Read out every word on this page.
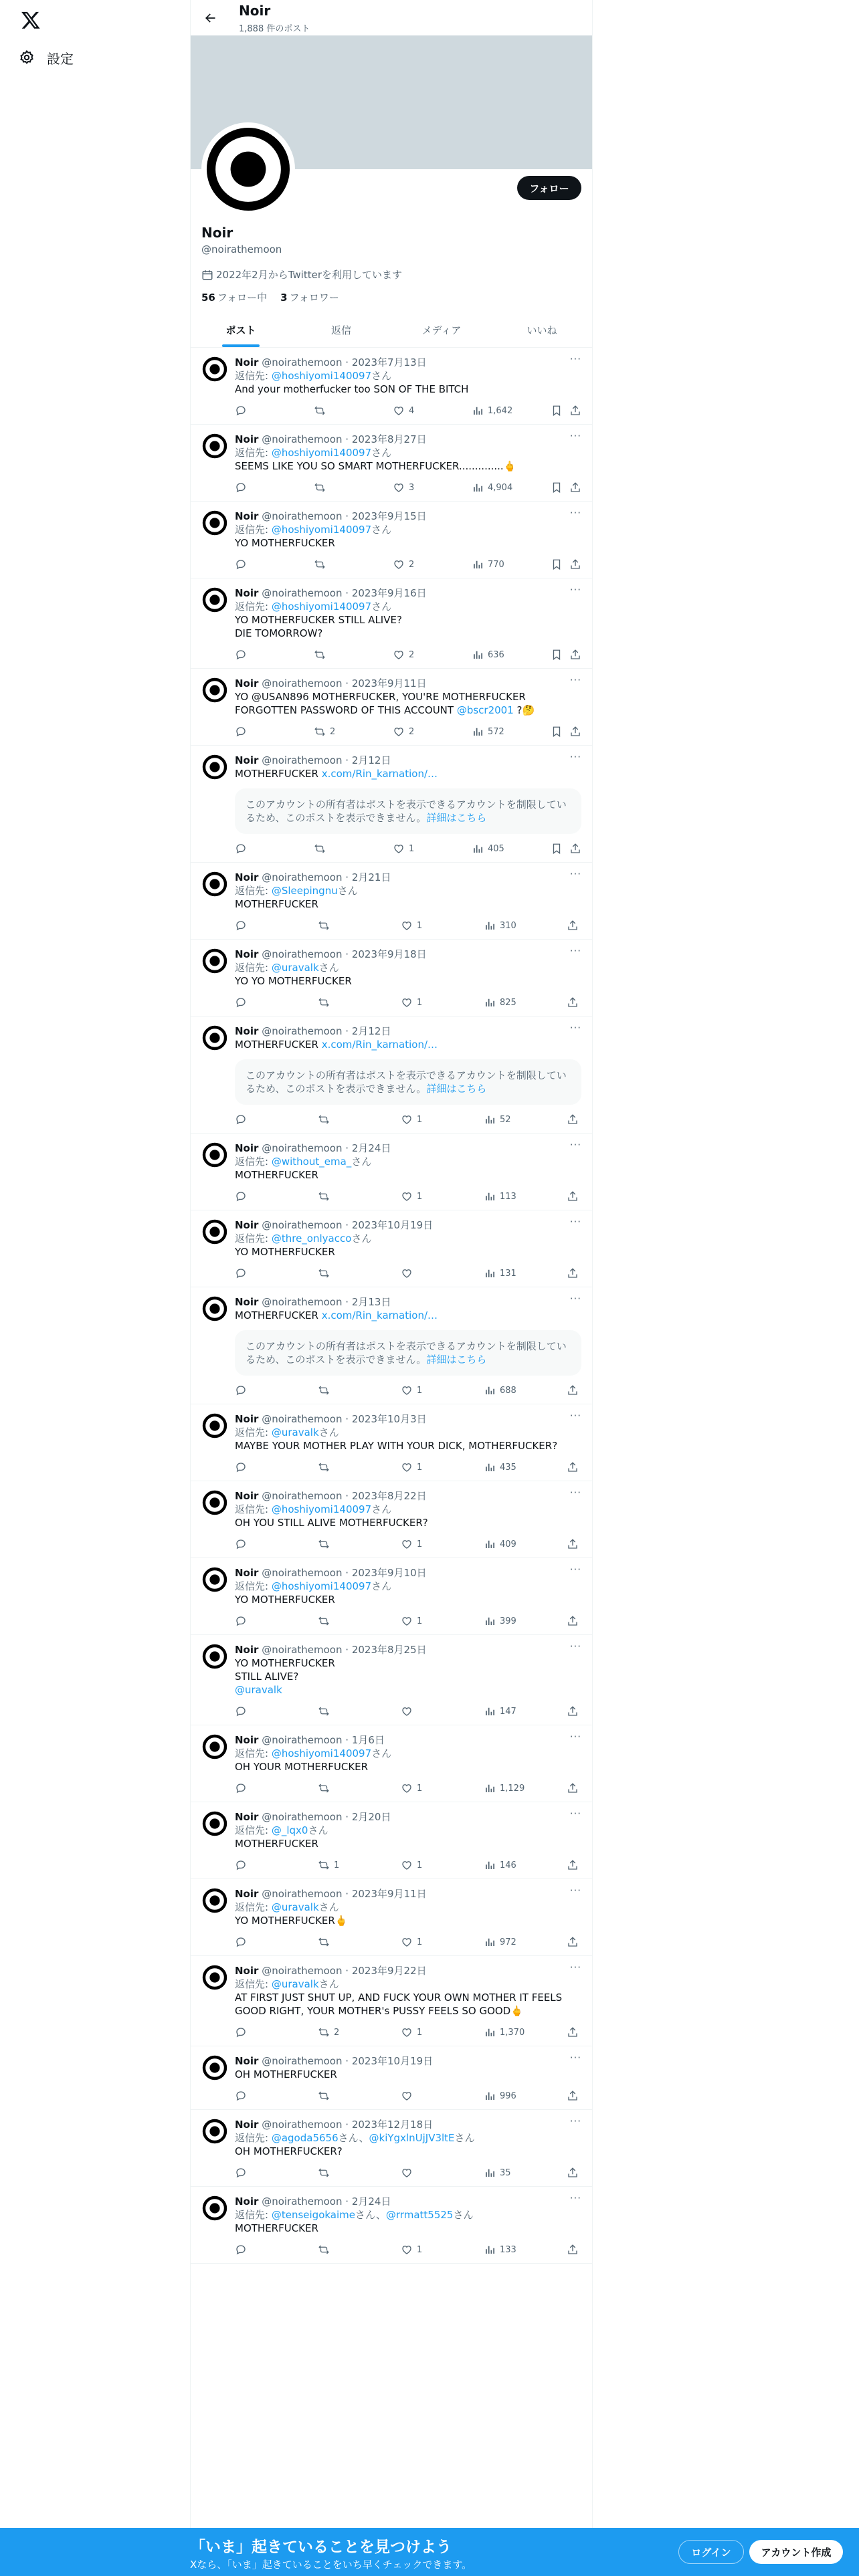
設定
Noir
1,888 件のポスト
フォロー
Noir
@noirathemoon
2022年2月からTwitterを利用しています
56 フォロー中 3 フォロワー
ポスト	返信	メディア	いいね
···
Noir @noirathemoon · 2023年7月13日
返信先: @hoshiyomi140097さん
And your motherfucker too SON OF THE BITCH
4	1,642
···
Noir @noirathemoon · 2023年8月27日
返信先: @hoshiyomi140097さん
SEEMS LIKE YOU SO SMART MOTHERFUCKER..............🖕
3	4,904
···
Noir @noirathemoon · 2023年9月15日
返信先: @hoshiyomi140097さん
YO MOTHERFUCKER
2	770
···
Noir @noirathemoon · 2023年9月16日
返信先: @hoshiyomi140097さん
YO MOTHERFUCKER STILL ALIVE?
DIE TOMORROW?
2	636
···
Noir @noirathemoon · 2023年9月11日
YO @USAN896 MOTHERFUCKER, YOU'RE MOTHERFUCKER FORGOTTEN PASSWORD OF THIS ACCOUNT @bscr2001 ?🤔
2	2	572
···
Noir @noirathemoon · 2月12日
MOTHERFUCKER x.com/Rin_karnation/…
このアカウントの所有者はポストを表示できるアカウントを制限しているため、このポストを表示できません。詳細はこちら
1	405
···
Noir @noirathemoon · 2月21日
返信先: @Sleepingnuさん
MOTHERFUCKER
1	310
···
Noir @noirathemoon · 2023年9月18日
返信先: @uravalkさん
YO YO MOTHERFUCKER
1	825
···
Noir @noirathemoon · 2月12日
MOTHERFUCKER x.com/Rin_karnation/…
このアカウントの所有者はポストを表示できるアカウントを制限しているため、このポストを表示できません。詳細はこちら
1	52
···
Noir @noirathemoon · 2月24日
返信先: @without_ema_さん
MOTHERFUCKER
1	113
···
Noir @noirathemoon · 2023年10月19日
返信先: @thre_onlyaccoさん
YO MOTHERFUCKER
131
···
Noir @noirathemoon · 2月13日
MOTHERFUCKER x.com/Rin_karnation/…
このアカウントの所有者はポストを表示できるアカウントを制限しているため、このポストを表示できません。詳細はこちら
1	688
···
Noir @noirathemoon · 2023年10月3日
返信先: @uravalkさん
MAYBE YOUR MOTHER PLAY WITH YOUR DICK, MOTHERFUCKER?
1	435
···
Noir @noirathemoon · 2023年8月22日
返信先: @hoshiyomi140097さん
OH YOU STILL ALIVE MOTHERFUCKER?
1	409
···
Noir @noirathemoon · 2023年9月10日
返信先: @hoshiyomi140097さん
YO MOTHERFUCKER
1	399
···
Noir @noirathemoon · 2023年8月25日
YO MOTHERFUCKER
STILL ALIVE?
@uravalk
147
···
Noir @noirathemoon · 1月6日
返信先: @hoshiyomi140097さん
OH YOUR MOTHERFUCKER
1	1,129
···
Noir @noirathemoon · 2月20日
返信先: @_lqx0さん
MOTHERFUCKER
1	1	146
···
Noir @noirathemoon · 2023年9月11日
返信先: @uravalkさん
YO MOTHERFUCKER🖕
1	972
···
Noir @noirathemoon · 2023年9月22日
返信先: @uravalkさん
AT FIRST JUST SHUT UP, AND FUCK YOUR OWN MOTHER IT FEELS GOOD RIGHT, YOUR MOTHER's PUSSY FEELS SO GOOD🖕
2	1	1,370
···
Noir @noirathemoon · 2023年10月19日
OH MOTHERFUCKER
996
···
Noir @noirathemoon · 2023年12月18日
返信先: @agoda5656さん、@kiYgxlnUjJV3ltEさん
OH MOTHERFUCKER?
35
···
Noir @noirathemoon · 2月24日
返信先: @tenseigokaimeさん、@rrmatt5525さん
MOTHERFUCKER
1	133
「いま」起きていることを見つけよう
Xなら、「いま」起きていることをいち早くチェックできます。
ログイン	アカウント作成
